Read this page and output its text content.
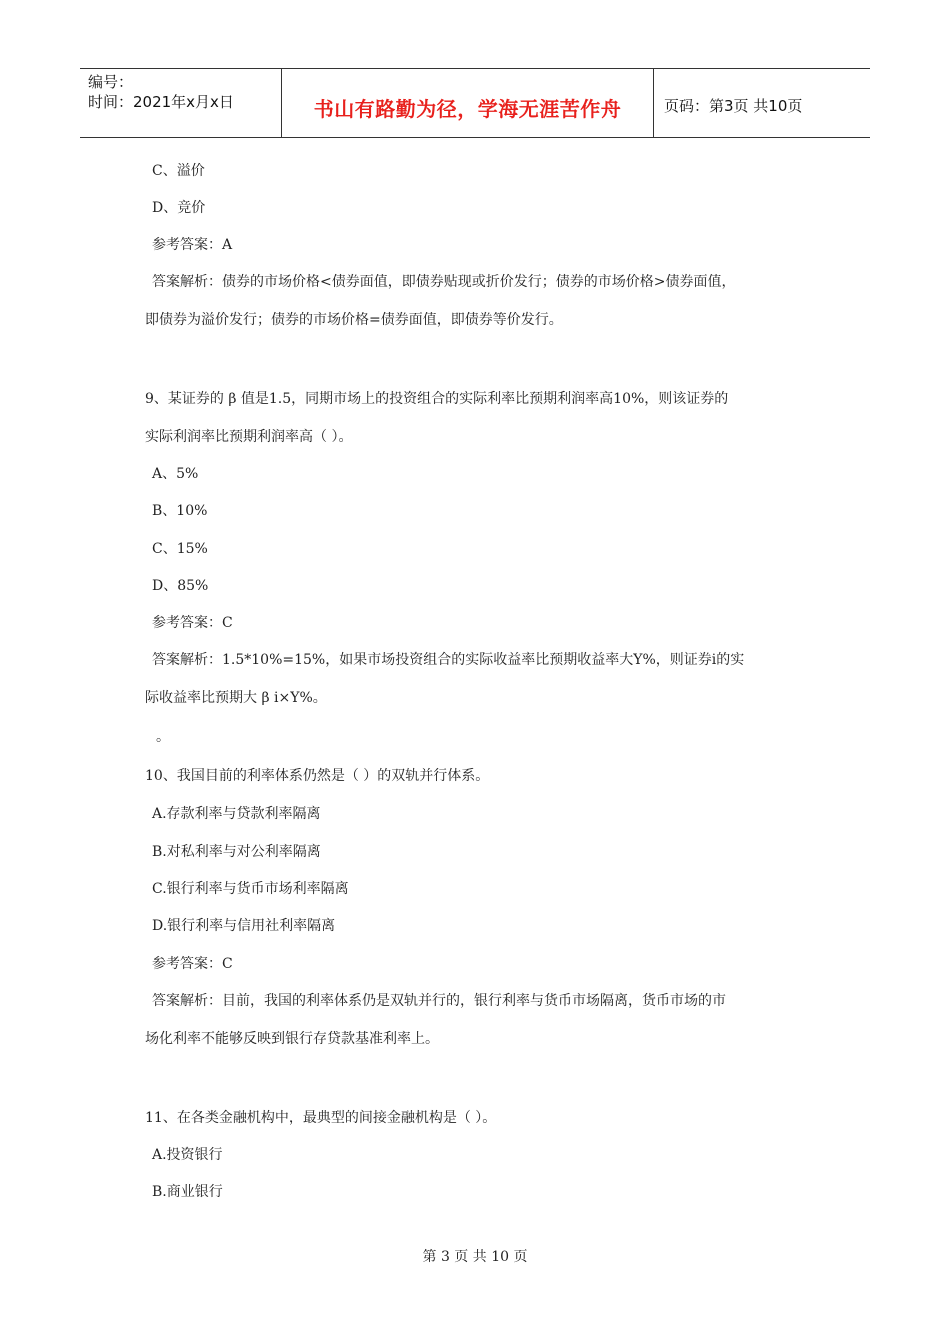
编号：
时间：2021年x月x日	书山有路勤为径，学海无涯苦作舟	页码：第3页 共10页
C、溢价
D、竞价
参考答案：A
答案解析：债券的市场价格<债券面值，即债券贴现或折价发行；债券的市场价格>债券面值，
即债券为溢价发行；债券的市场价格=债券面值，即债券等价发行。
9、某证券的 β 值是1.5，同期市场上的投资组合的实际利率比预期利润率高10%，则该证券的
实际利润率比预期利润率高（ ）。
A、5%
B、10%
C、15%
D、85%
参考答案：C
答案解析：1.5*10%=15%，如果市场投资组合的实际收益率比预期收益率大Y%，则证券i的实
际收益率比预期大 β i×Y%。
。
10、我国目前的利率体系仍然是（ ）的双轨并行体系。
A.存款利率与贷款利率隔离
B.对私利率与对公利率隔离
C.银行利率与货币市场利率隔离
D.银行利率与信用社利率隔离
参考答案：C
答案解析：目前，我国的利率体系仍是双轨并行的，银行利率与货币市场隔离，货币市场的市
场化利率不能够反映到银行存贷款基准利率上。
11、在各类金融机构中，最典型的间接金融机构是（ ）。
A.投资银行
B.商业银行
第 3 页 共 10 页
